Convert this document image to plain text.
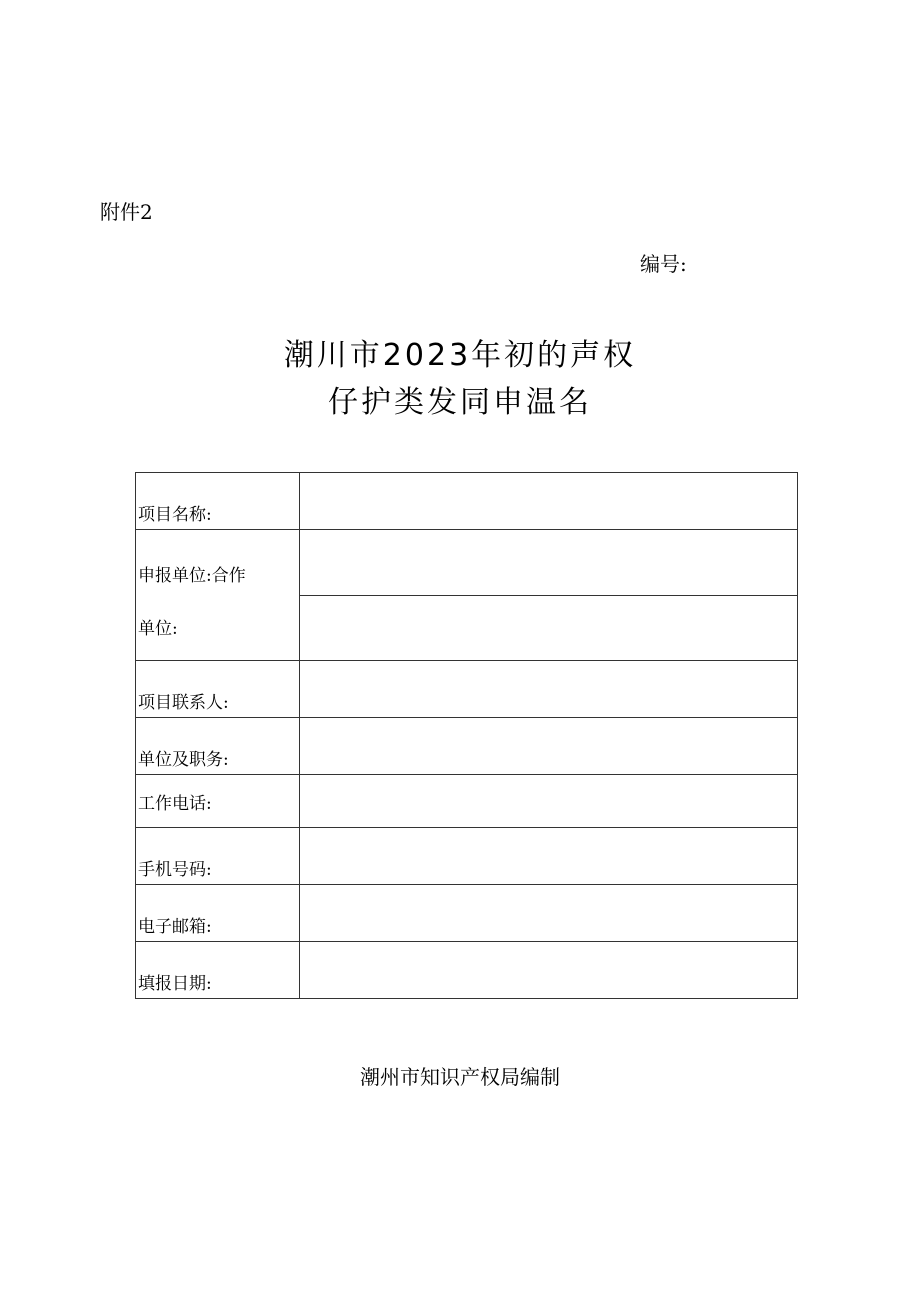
附件2
编号:
潮川市2023年初的声权
仔护类发同申温名
项目名称:	

申报单位:合作
单位:	

项目联系人:	
单位及职务:	
工作电话:	
手机号码:	
电子邮箱:	
填报日期:	
潮州市知识产权局编制
